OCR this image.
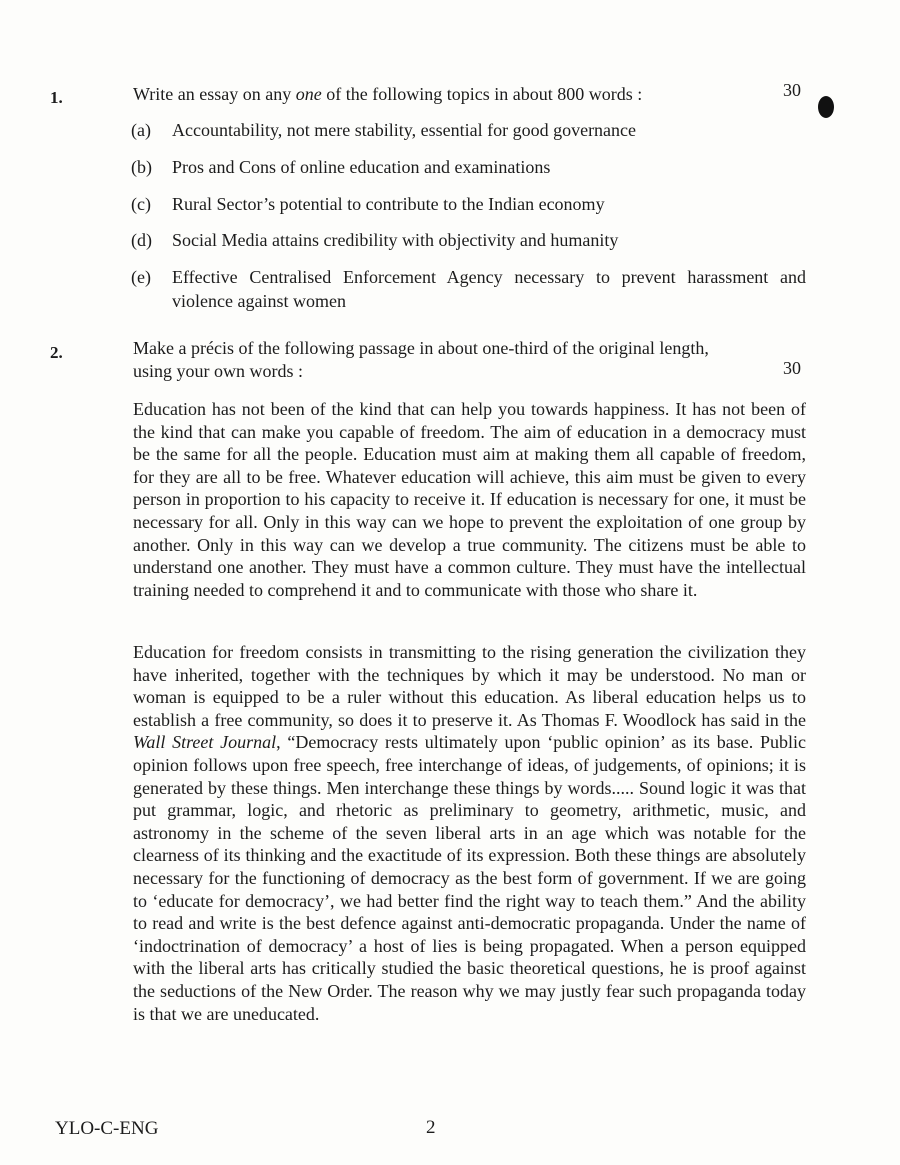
1.	Write an essay on any one of the following topics in about 800 words :	30
(a) Accountability, not mere stability, essential for good governance
(b) Pros and Cons of online education and examinations
(c) Rural Sector’s potential to contribute to the Indian economy
(d) Social Media attains credibility with objectivity and humanity
(e) Effective Centralised Enforcement Agency necessary to prevent harassment and violence against women
2.	Make a précis of the following passage in about one-third of the original length,
using your own words :	30

Education has not been of the kind that can help you towards happiness. It has not been of the kind that can make you capable of freedom. The aim of education in a democracy must be the same for all the people. Education must aim at making them all capable of freedom, for they are all to be free. Whatever education will achieve, this aim must be given to every person in proportion to his capacity to receive it. If education is necessary for one, it must be necessary for all. Only in this way can we hope to prevent the exploitation of one group by another. Only in this way can we develop a true community. The citizens must be able to understand one another. They must have a common culture. They must have the intellectual training needed to comprehend it and to communicate with those who share it.

Education for freedom consists in transmitting to the rising generation the civilization they have inherited, together with the techniques by which it may be understood. No man or woman is equipped to be a ruler without this education. As liberal education helps us to establish a free community, so does it to preserve it. As Thomas F. Woodlock has said in the Wall Street Journal, “Democracy rests ultimately upon ‘public opinion’ as its base. Public opinion follows upon free speech, free interchange of ideas, of judgements, of opinions; it is generated by these things. Men interchange these things by words..... Sound logic it was that put grammar, logic, and rhetoric as preliminary to geometry, arithmetic, music, and astronomy in the scheme of the seven liberal arts in an age which was notable for the clearness of its thinking and the exactitude of its expression. Both these things are absolutely necessary for the functioning of democracy as the best form of government. If we are going to ‘educate for democracy’, we had better find the right way to teach them.” And the ability to read and write is the best defence against anti-democratic propaganda. Under the name of ‘indoctrination of democracy’ a host of lies is being propagated. When a person equipped with the liberal arts has critically studied the basic theoretical questions, he is proof against the seductions of the New Order. The reason why we may justly fear such propaganda today is that we are uneducated.

YLO-C-ENG	2
